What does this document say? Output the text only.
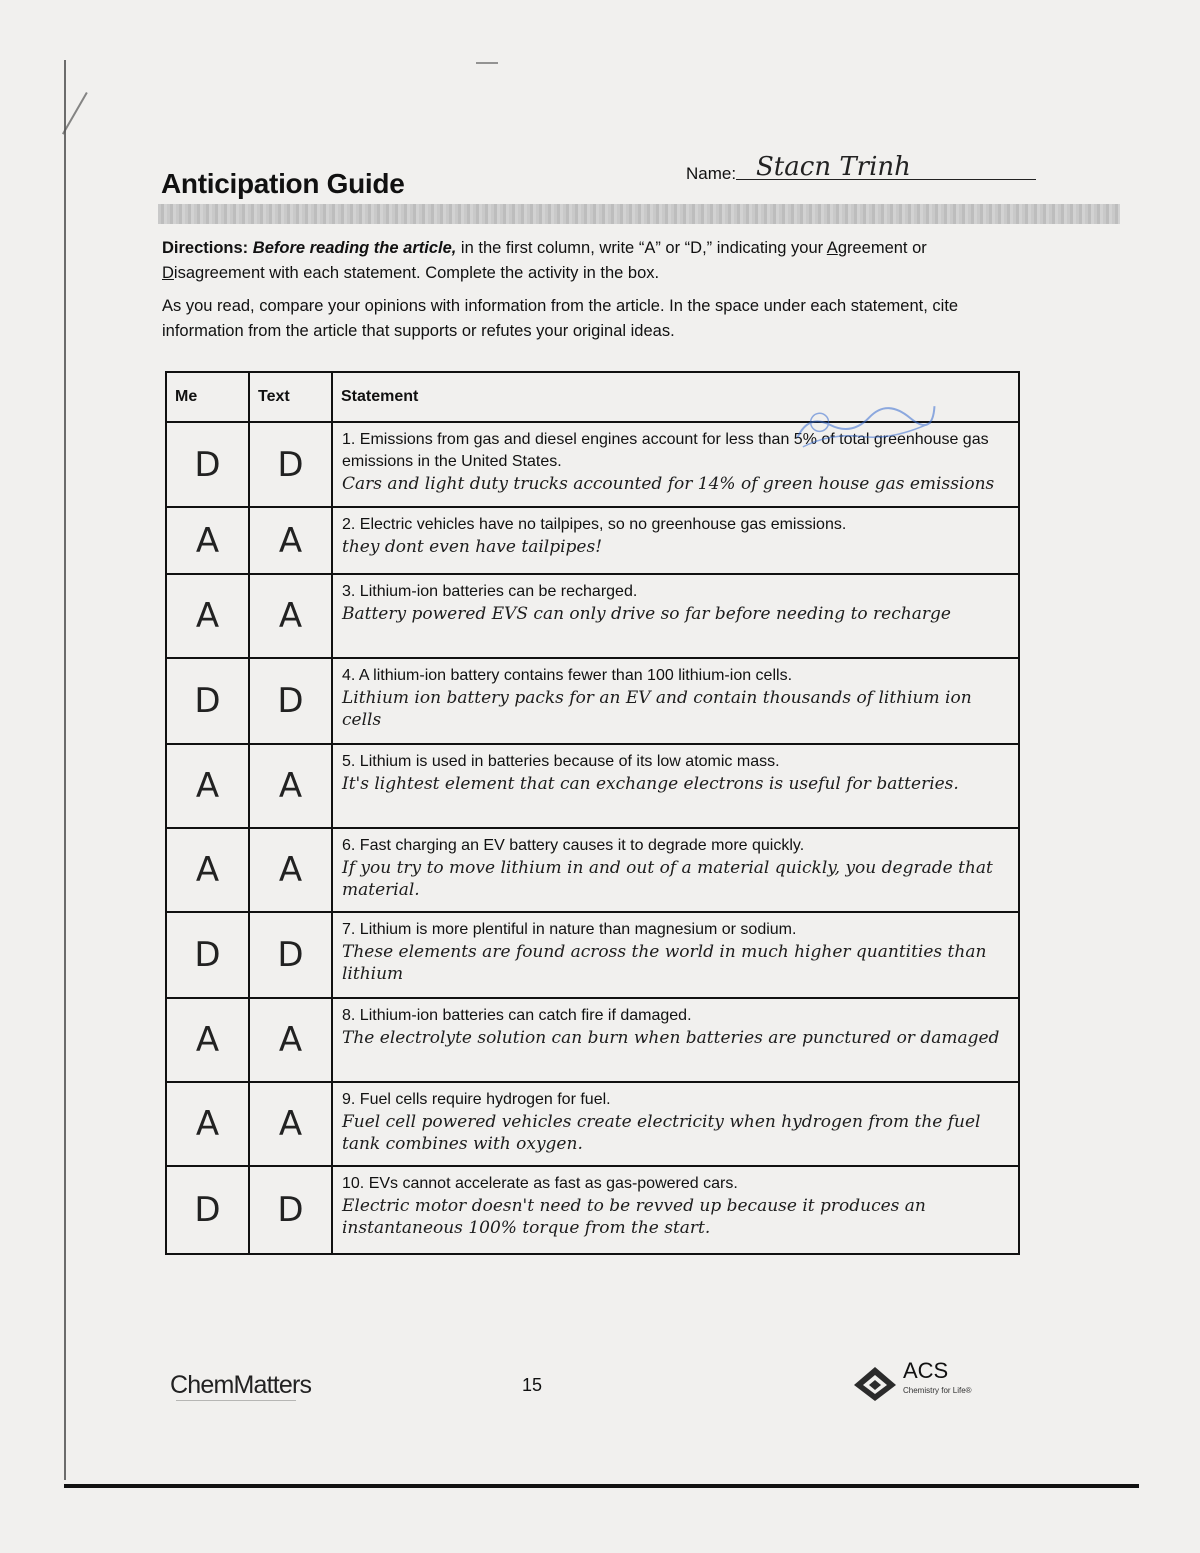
Anticipation Guide	Name: Stacn Trinh
Directions: Before reading the article, in the first column, write “A” or “D,” indicating your Agreement or
Disagreement with each statement. Complete the activity in the box.
As you read, compare your opinions with information from the article. In the space under each statement, cite information from the article that supports or refutes your original ideas.
Me	Text	Statement
D	D	1. Emissions from gas and diesel engines account for less than 5% of total greenhouse gas emissions in the United States.
Cars and light duty trucks accounted for 14% of green house gas emissions

A	A	2. Electric vehicles have no tailpipes, so no greenhouse gas emissions.
they dont even have tailpipes!

A	A	3. Lithium-ion batteries can be recharged.
Battery powered EVS can only drive so far before needing to recharge

D	D	4. A lithium-ion battery contains fewer than 100 lithium-ion cells.
Lithium ion battery packs for an EV and contain thousands of lithium ion cells

A	A	5. Lithium is used in batteries because of its low atomic mass.
It's lightest element that can exchange electrons is useful for batteries.

A	A	6. Fast charging an EV battery causes it to degrade more quickly.
If you try to move lithium in and out of a material quickly, you degrade that material.

D	D	7. Lithium is more plentiful in nature than magnesium or sodium.
These elements are found across the world in much higher quantities than lithium

A	A	8. Lithium-ion batteries can catch fire if damaged.
The electrolyte solution can burn when batteries are punctured or damaged

A	A	9. Fuel cells require hydrogen for fuel.
Fuel cell powered vehicles create electricity when hydrogen from the fuel tank combines with oxygen.

D	D	10. EVs cannot accelerate as fast as gas-powered cars.
Electric motor doesn't need to be revved up because it produces an instantaneous 100% torque from the start.
ChemMatters
————————————————————————
15
ACS
Chemistry for Life®
